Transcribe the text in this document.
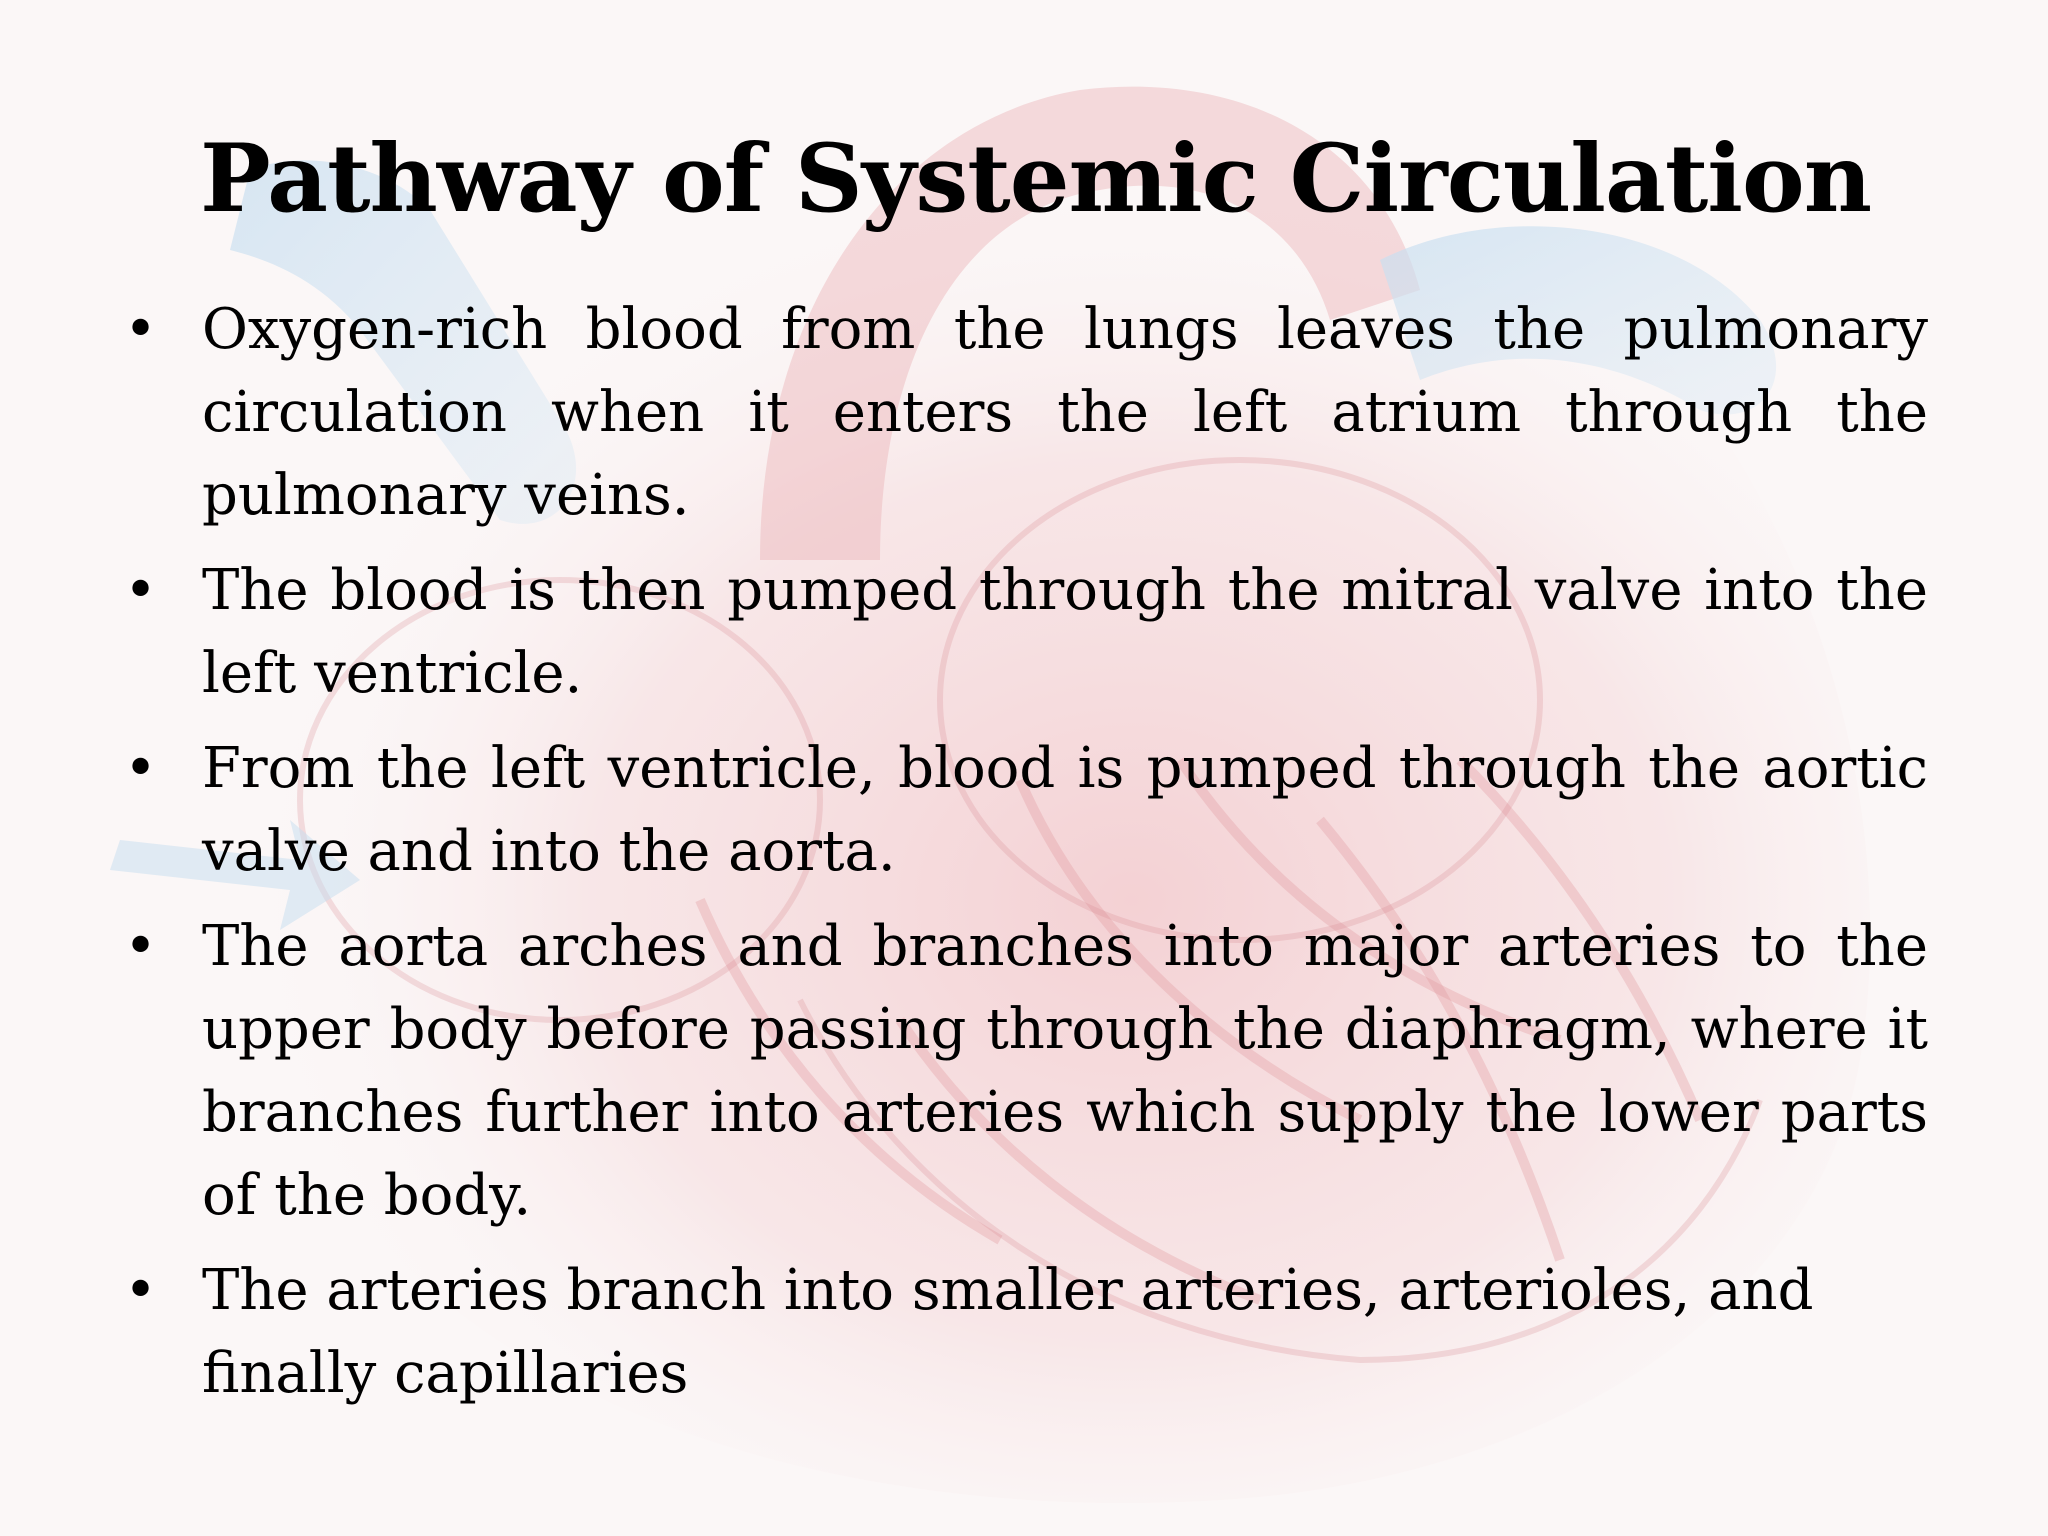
Pathway of Systemic Circulation
• Oxygen-rich blood from the lungs leaves the pulmonary circulation when it enters the left atrium through the pulmonary veins.
• The blood is then pumped through the mitral valve into the left ventricle.
• From the left ventricle, blood is pumped through the aortic valve and into the aorta.
• The aorta arches and branches into major arteries to the upper body before passing through the diaphragm, where it branches further into arteries which supply the lower parts of the body.
• The arteries branch into smaller arteries, arterioles, and finally capillaries
